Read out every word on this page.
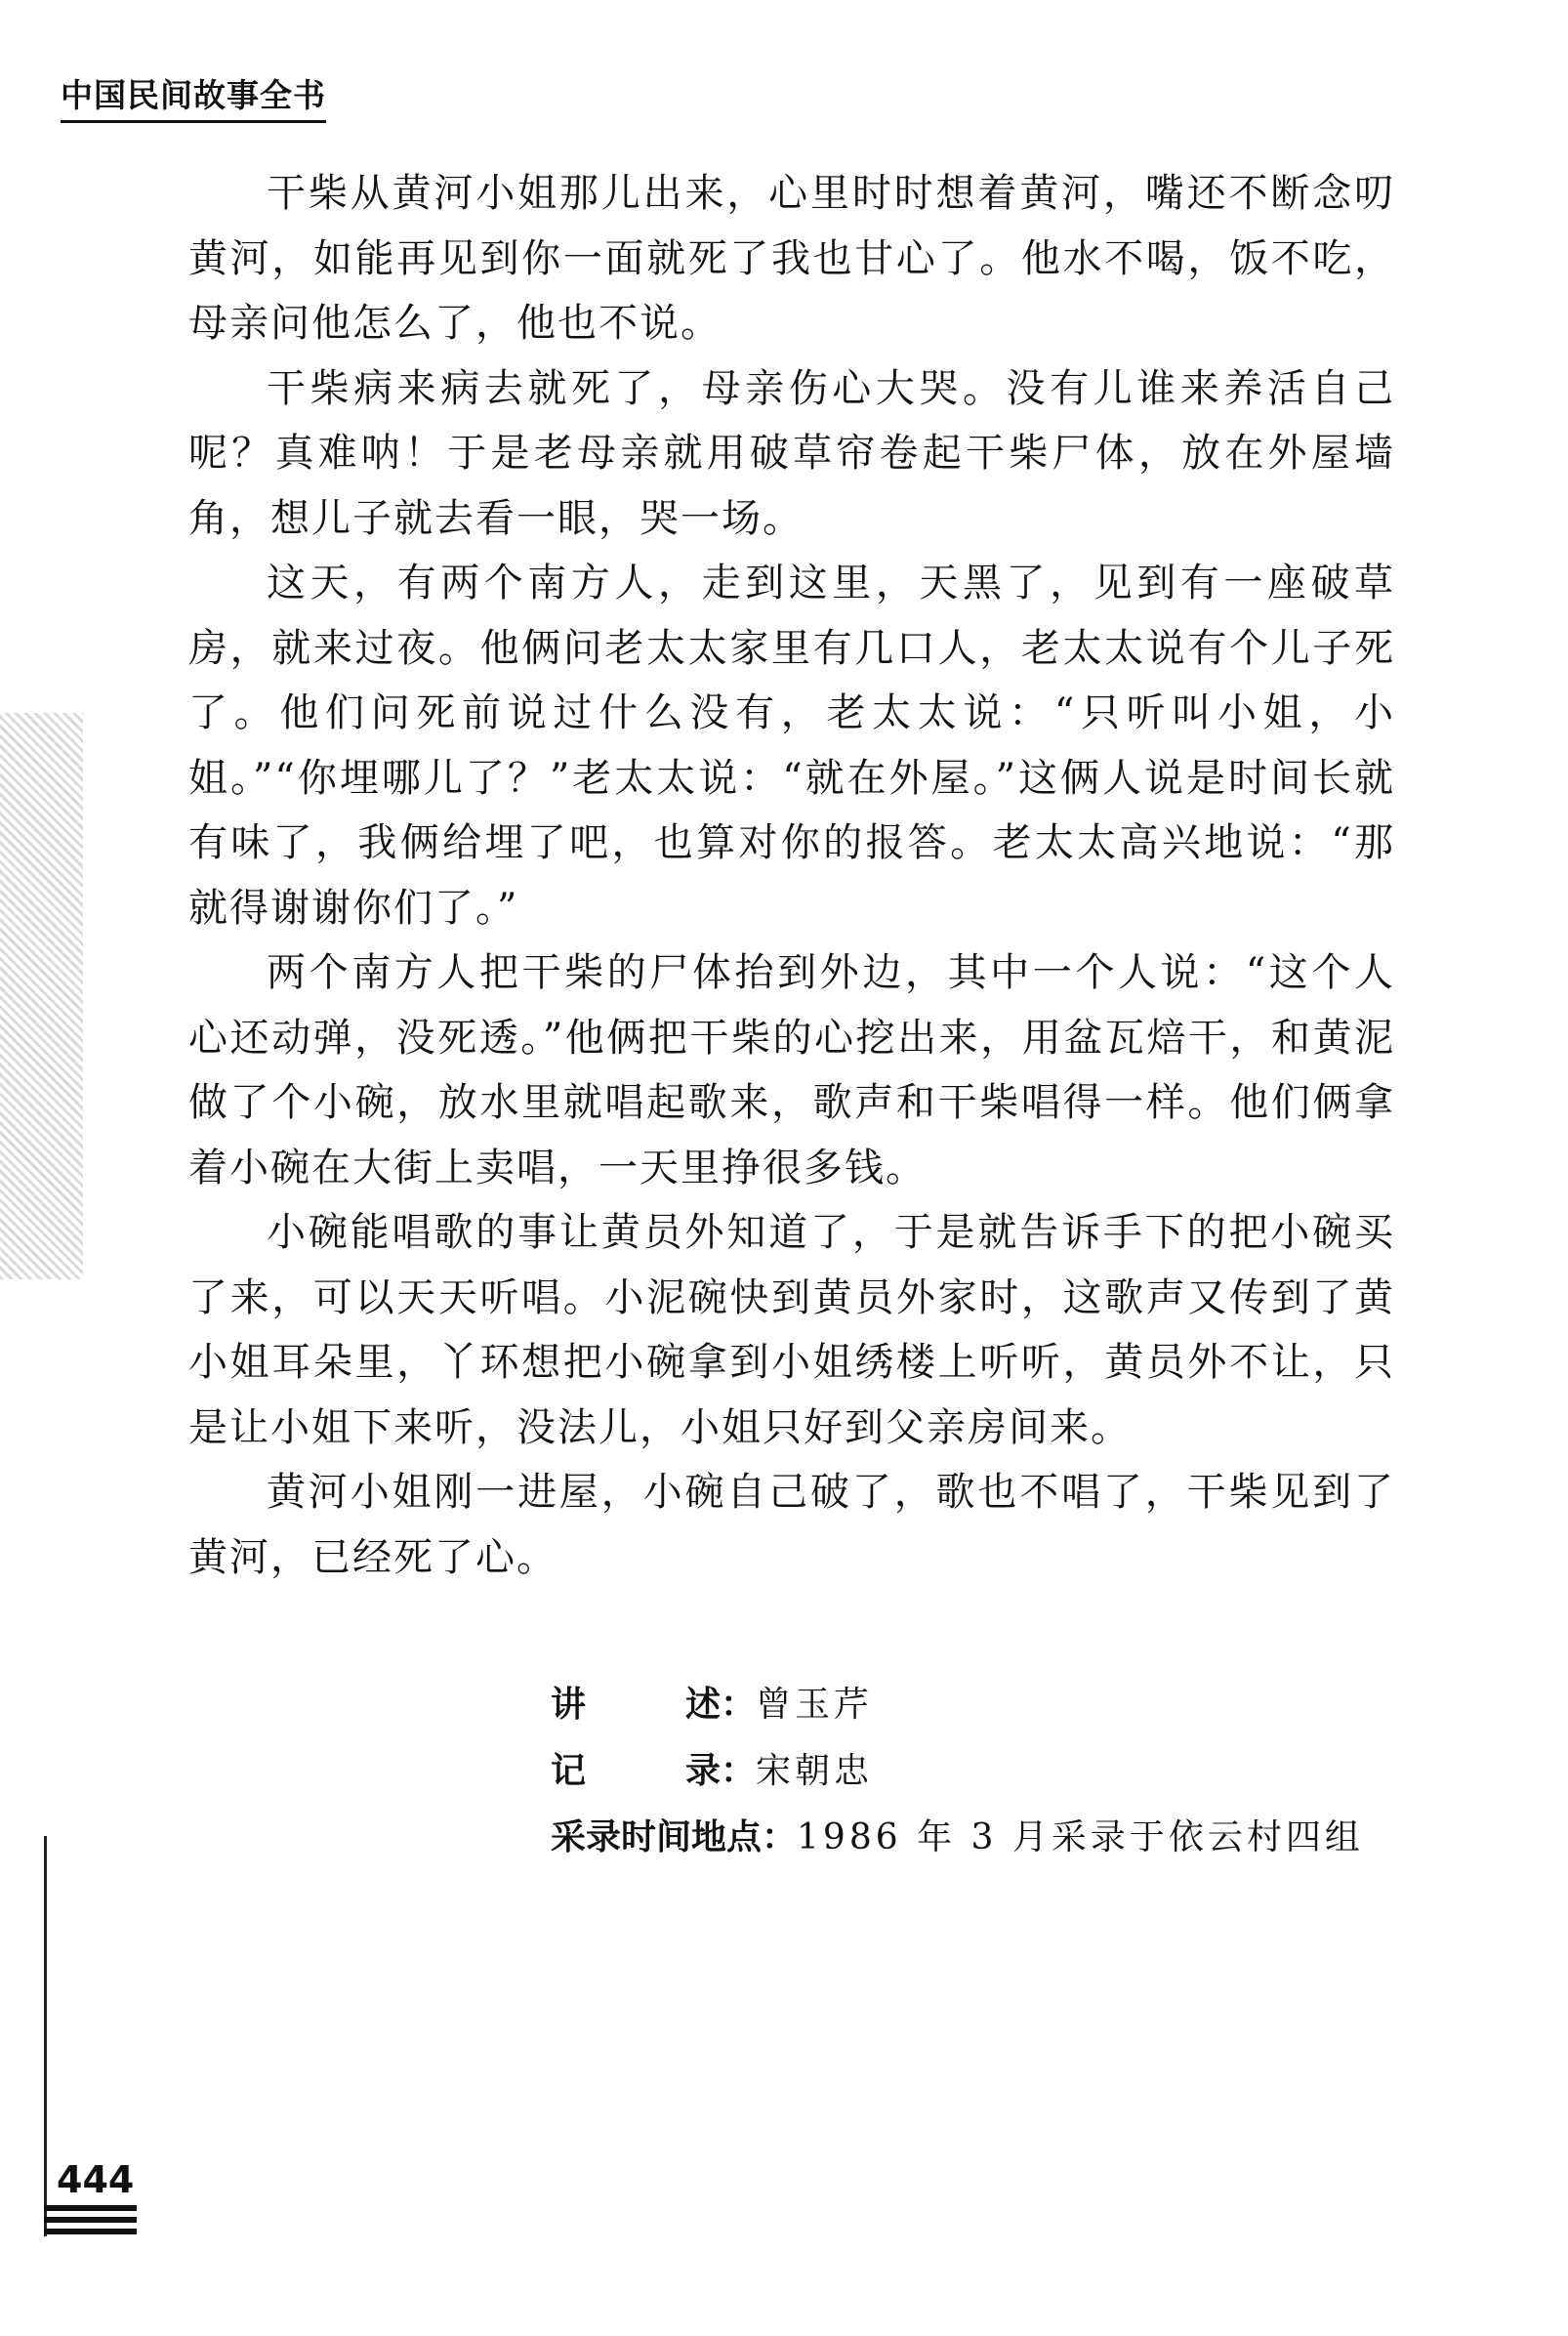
中国民间故事全书

干柴从黄河小姐那儿出来，心里时时想着黄河，嘴还不断念叨黄河，如能再见到你一面就死了我也甘心了。他水不喝，饭不吃，母亲问他怎么了，他也不说。

干柴病来病去就死了，母亲伤心大哭。没有儿谁来养活自己呢？真难呐！于是老母亲就用破草帘卷起干柴尸体，放在外屋墙角，想儿子就去看一眼，哭一场。

这天，有两个南方人，走到这里，天黑了，见到有一座破草房，就来过夜。他俩问老太太家里有几口人，老太太说有个儿子死了。他们问死前说过什么没有，老太太说：“只听叫小姐，小姐。”“你埋哪儿了？”老太太说：“就在外屋。”这俩人说是时间长就有味了，我俩给埋了吧，也算对你的报答。老太太高兴地说：“那就得谢谢你们了。”

两个南方人把干柴的尸体抬到外边，其中一个人说：“这个人心还动弹，没死透。”他俩把干柴的心挖出来，用盆瓦焙干，和黄泥做了个小碗，放水里就唱起歌来，歌声和干柴唱得一样。他们俩拿着小碗在大街上卖唱，一天里挣很多钱。

小碗能唱歌的事让黄员外知道了，于是就告诉手下的把小碗买了来，可以天天听唱。小泥碗快到黄员外家时，这歌声又传到了黄小姐耳朵里，丫环想把小碗拿到小姐绣楼上听听，黄员外不让，只是让小姐下来听，没法儿，小姐只好到父亲房间来。

黄河小姐刚一进屋，小碗自己破了，歌也不唱了，干柴见到了黄河，已经死了心。

讲	述： 曾玉芹
记	录： 宋朝忠
采录时间地点： 1986 年 3 月采录于依云村四组
444
